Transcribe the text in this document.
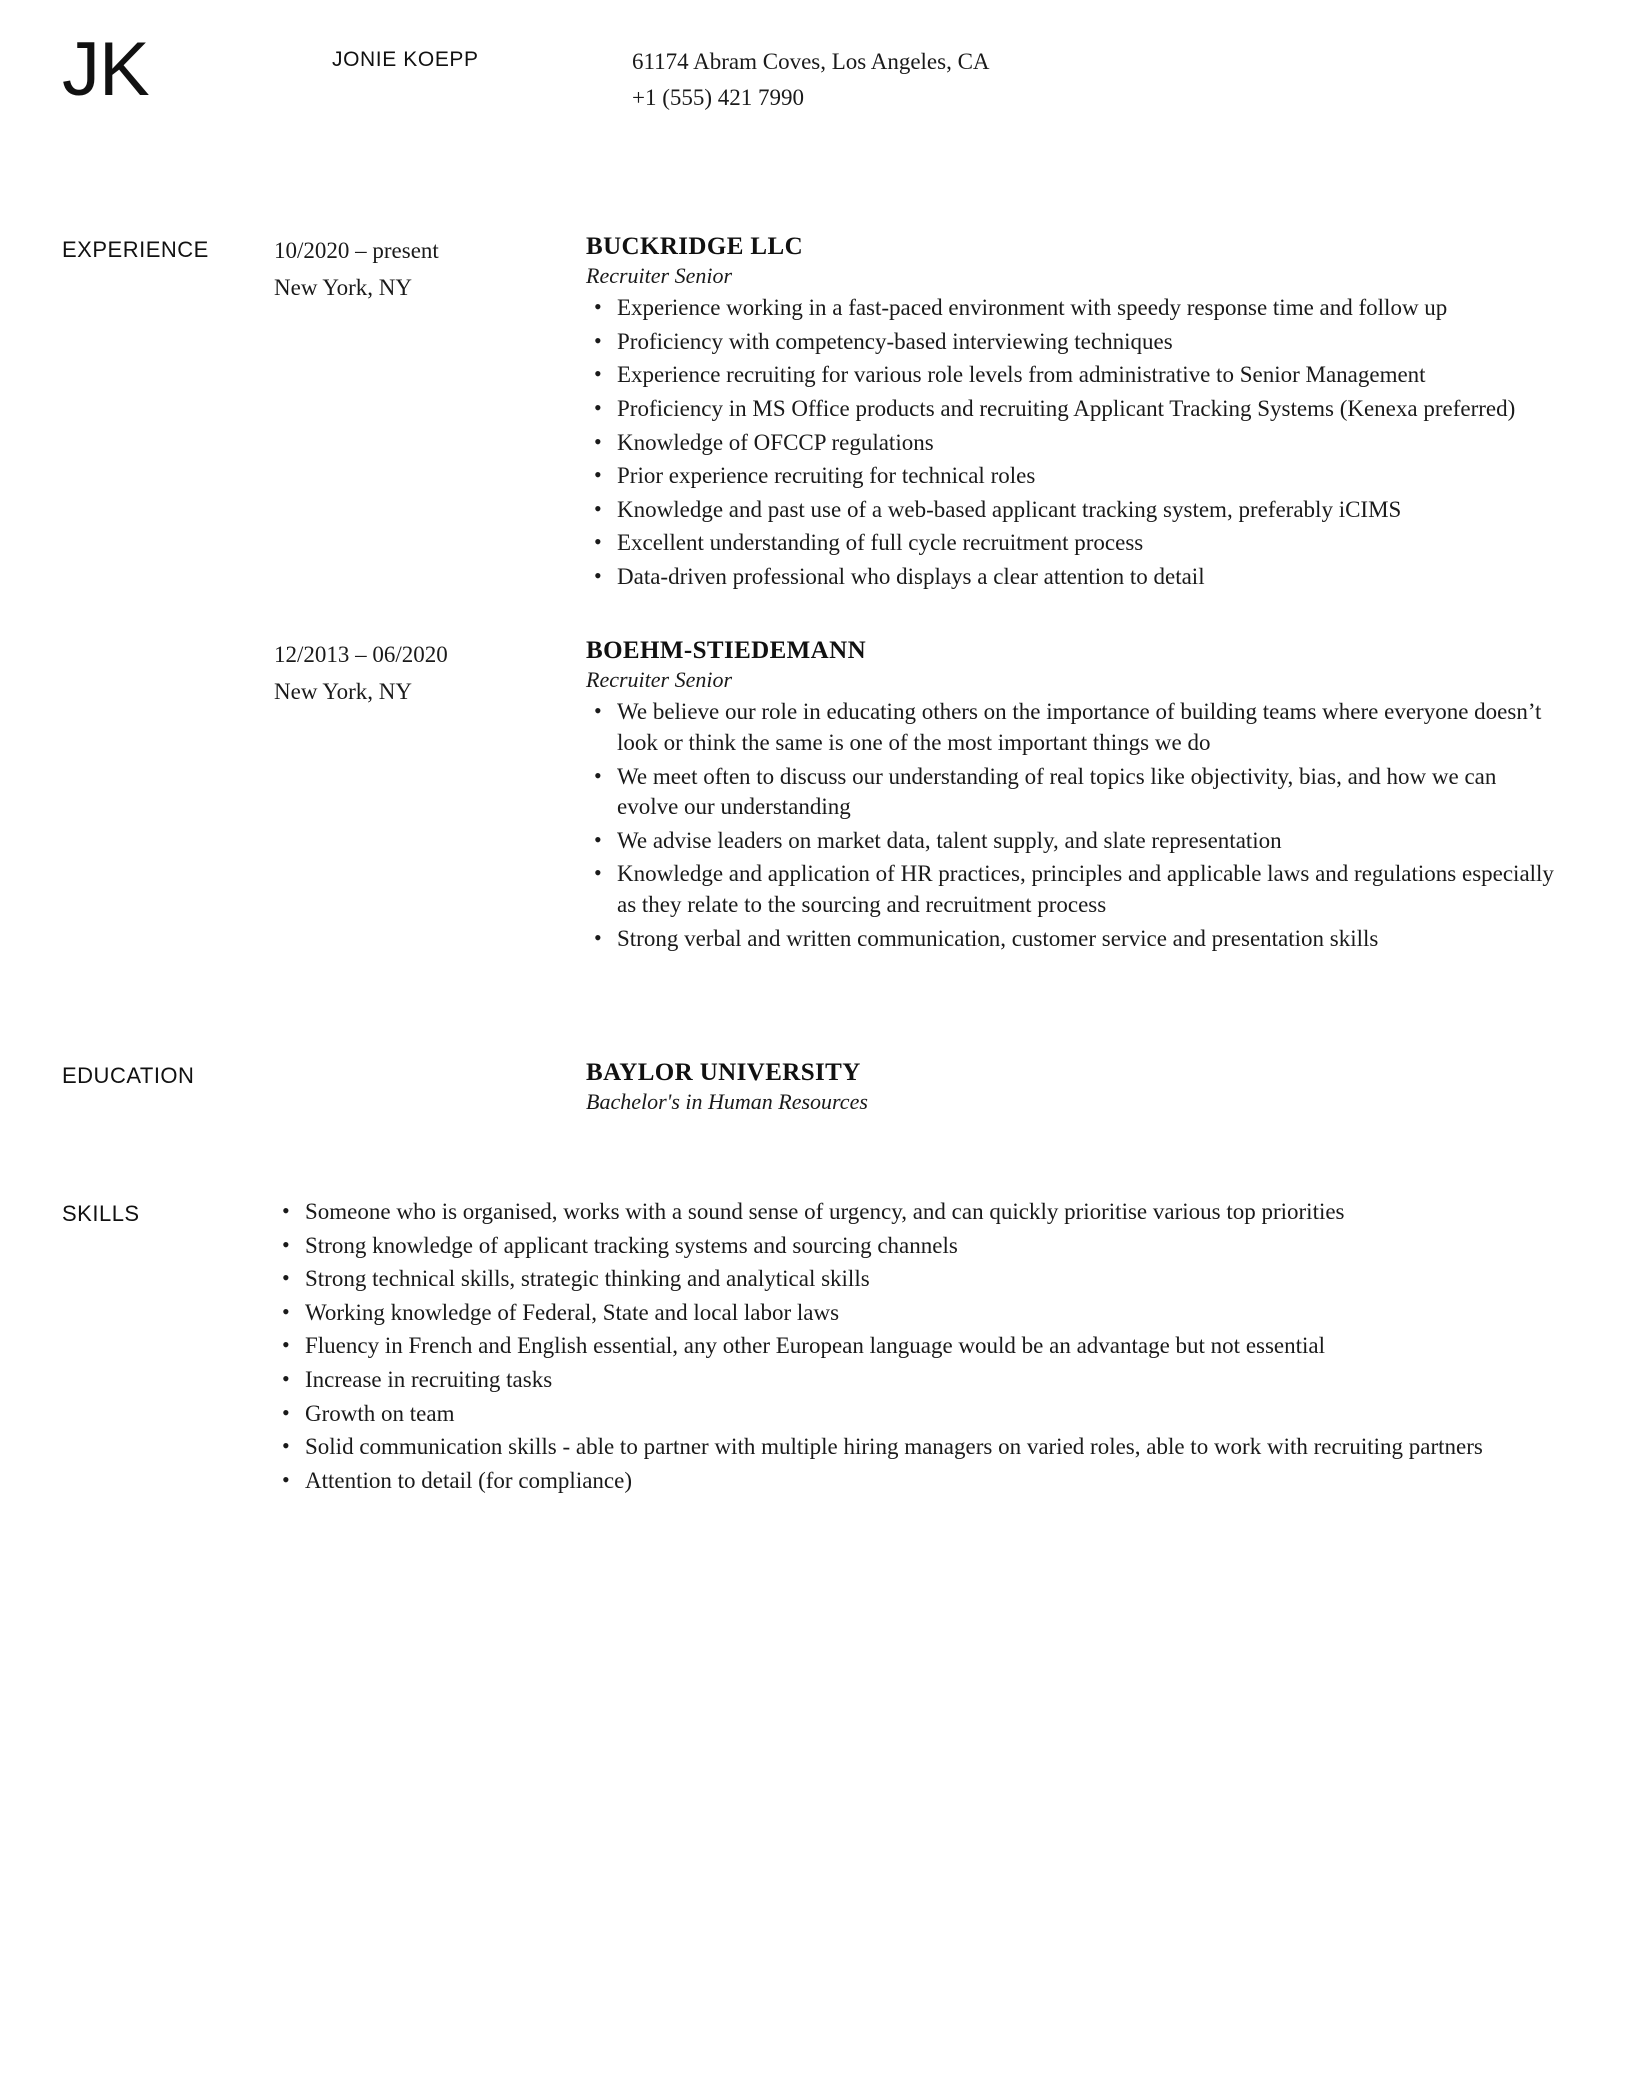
JK	JONIE KOEPP	61174 Abram Coves, Los Angeles, CA
+1 (555) 421 7990
EXPERIENCE	10/2020 – present
New York, NY
BUCKRIDGE LLC
Recruiter Senior
• Experience working in a fast-paced environment with speedy response time and follow up
• Proficiency with competency-based interviewing techniques
• Experience recruiting for various role levels from administrative to Senior Management
• Proficiency in MS Office products and recruiting Applicant Tracking Systems (Kenexa preferred)
• Knowledge of OFCCP regulations
• Prior experience recruiting for technical roles
• Knowledge and past use of a web-based applicant tracking system, preferably iCIMS
• Excellent understanding of full cycle recruitment process
• Data-driven professional who displays a clear attention to detail
12/2013 – 06/2020
New York, NY
BOEHM-STIEDEMANN
Recruiter Senior
• We believe our role in educating others on the importance of building teams where everyone doesn’t look or think the same is one of the most important things we do
• We meet often to discuss our understanding of real topics like objectivity, bias, and how we can evolve our understanding
• We advise leaders on market data, talent supply, and slate representation
• Knowledge and application of HR practices, principles and applicable laws and regulations especially as they relate to the sourcing and recruitment process
• Strong verbal and written communication, customer service and presentation skills
EDUCATION	BAYLOR UNIVERSITY
Bachelor's in Human Resources
SKILLS	• Someone who is organised, works with a sound sense of urgency, and can quickly prioritise various top priorities
• Strong knowledge of applicant tracking systems and sourcing channels
• Strong technical skills, strategic thinking and analytical skills
• Working knowledge of Federal, State and local labor laws
• Fluency in French and English essential, any other European language would be an advantage but not essential
• Increase in recruiting tasks
• Growth on team
• Solid communication skills - able to partner with multiple hiring managers on varied roles, able to work with recruiting partners
• Attention to detail (for compliance)
